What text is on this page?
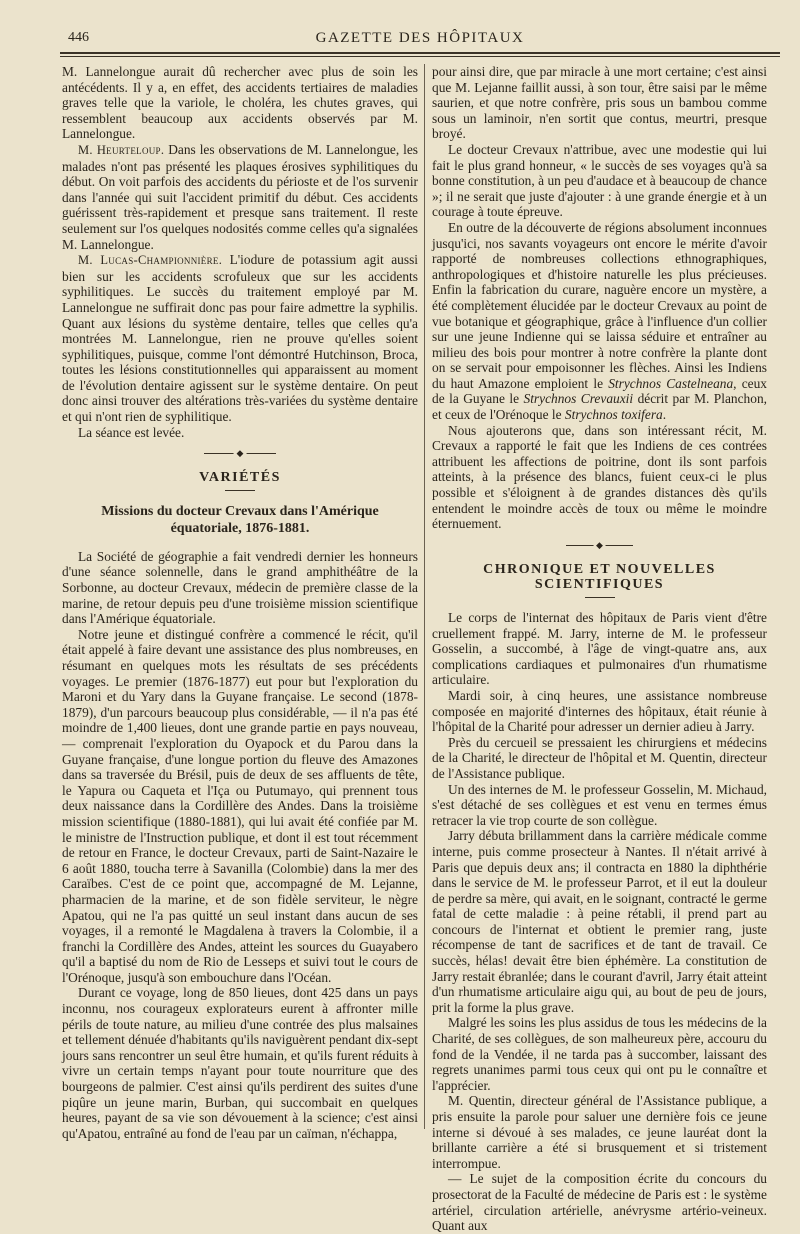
446	GAZETTE DES HÔPITAUX

M. Lannelongue aurait dû rechercher avec plus de soin les antécédents. Il y a, en effet, des accidents tertiaires de maladies graves telle que la variole, le choléra, les chutes graves, qui ressemblent beaucoup aux accidents observés par M. Lannelongue.

M. Heurteloup. Dans les observations de M. Lannelongue, les malades n'ont pas présenté les plaques érosives syphilitiques du début. On voit parfois des accidents du périoste et de l'os survenir dans l'année qui suit l'accident primitif du début. Ces accidents guérissent très-rapidement et presque sans traitement. Il reste seulement sur l'os quelques nodosités comme celles qu'a signalées M. Lannelongue.

M. Lucas-Championnière. L'iodure de potassium agit aussi bien sur les accidents scrofuleux que sur les accidents syphilitiques. Le succès du traitement employé par M. Lannelongue ne suffirait donc pas pour faire admettre la syphilis. Quant aux lésions du système dentaire, telles que celles qu'a montrées M. Lannelongue, rien ne prouve qu'elles soient syphilitiques, puisque, comme l'ont démontré Hutchinson, Broca, toutes les lésions constitutionnelles qui apparaissent au moment de l'évolution dentaire agissent sur le système dentaire. On peut donc ainsi trouver des altérations très-variées du système dentaire et qui n'ont rien de syphilitique.

La séance est levée.

◆
VARIÉTÉS
Missions du docteur Crevaux dans l'Amérique équatoriale, 1876-1881.

La Société de géographie a fait vendredi dernier les honneurs d'une séance solennelle, dans le grand amphithéâtre de la Sorbonne, au docteur Crevaux, médecin de première classe de la marine, de retour depuis peu d'une troisième mission scientifique dans l'Amérique équatoriale.

Notre jeune et distingué confrère a commencé le récit, qu'il était appelé à faire devant une assistance des plus nombreuses, en résumant en quelques mots les résultats de ses précédents voyages. Le premier (1876-1877) eut pour but l'exploration du Maroni et du Yary dans la Guyane française. Le second (1878-1879), d'un parcours beaucoup plus considérable, — il n'a pas été moindre de 1,400 lieues, dont une grande partie en pays nouveau, — comprenait l'exploration du Oyapock et du Parou dans la Guyane française, d'une longue portion du fleuve des Amazones dans sa traversée du Brésil, puis de deux de ses affluents de tête, le Yapura ou Caqueta et l'Iça ou Putumayo, qui prennent tous deux naissance dans la Cordillère des Andes. Dans la troisième mission scientifique (1880-1881), qui lui avait été confiée par M. le ministre de l'Instruction publique, et dont il est tout récemment de retour en France, le docteur Crevaux, parti de Saint-Nazaire le 6 août 1880, toucha terre à Savanilla (Colombie) dans la mer des Caraïbes. C'est de ce point que, accompagné de M. Lejanne, pharmacien de la marine, et de son fidèle serviteur, le nègre Apatou, qui ne l'a pas quitté un seul instant dans aucun de ses voyages, il a remonté le Magdalena à travers la Colombie, il a franchi la Cordillère des Andes, atteint les sources du Guayabero qu'il a baptisé du nom de Rio de Lesseps et suivi tout le cours de l'Orénoque, jusqu'à son embouchure dans l'Océan.

Durant ce voyage, long de 850 lieues, dont 425 dans un pays inconnu, nos courageux explorateurs eurent à affronter mille périls de toute nature, au milieu d'une contrée des plus malsaines et tellement dénuée d'habitants qu'ils naviguèrent pendant dix-sept jours sans rencontrer un seul être humain, et qu'ils furent réduits à vivre un certain temps n'ayant pour toute nourriture que des bourgeons de palmier. C'est ainsi qu'ils perdirent des suites d'une piqûre un jeune marin, Burban, qui succombait en quelques heures, payant de sa vie son dévouement à la science; c'est ainsi qu'Apatou, entraîné au fond de l'eau par un caïman, n'échappa,

pour ainsi dire, que par miracle à une mort certaine; c'est ainsi que M. Lejanne faillit aussi, à son tour, être saisi par le même saurien, et que notre confrère, pris sous un bambou comme sous un laminoir, n'en sortit que contus, meurtri, presque broyé.

Le docteur Crevaux n'attribue, avec une modestie qui lui fait le plus grand honneur, « le succès de ses voyages qu'à sa bonne constitution, à un peu d'audace et à beaucoup de chance »; il ne serait que juste d'ajouter : à une grande énergie et à un courage à toute épreuve.

En outre de la découverte de régions absolument inconnues jusqu'ici, nos savants voyageurs ont encore le mérite d'avoir rapporté de nombreuses collections ethnographiques, anthropologiques et d'histoire naturelle les plus précieuses. Enfin la fabrication du curare, naguère encore un mystère, a été complètement élucidée par le docteur Crevaux au point de vue botanique et géographique, grâce à l'influence d'un collier sur une jeune Indienne qui se laissa séduire et entraîner au milieu des bois pour montrer à notre confrère la plante dont on se servait pour empoisonner les flèches. Ainsi les Indiens du haut Amazone emploient le Strychnos Castelneana, ceux de la Guyane le Strychnos Crevauxii décrit par M. Planchon, et ceux de l'Orénoque le Strychnos toxifera.

Nous ajouterons que, dans son intéressant récit, M. Crevaux a rapporté le fait que les Indiens de ces contrées attribuent les affections de poitrine, dont ils sont parfois atteints, à la présence des blancs, fuient ceux-ci le plus possible et s'éloignent à de grandes distances dès qu'ils entendent le moindre accès de toux ou même le moindre éternuement.

◆
CHRONIQUE ET NOUVELLES SCIENTIFIQUES

Le corps de l'internat des hôpitaux de Paris vient d'être cruellement frappé. M. Jarry, interne de M. le professeur Gosselin, a succombé, à l'âge de vingt-quatre ans, aux complications cardiaques et pulmonaires d'un rhumatisme articulaire.

Mardi soir, à cinq heures, une assistance nombreuse composée en majorité d'internes des hôpitaux, était réunie à l'hôpital de la Charité pour adresser un dernier adieu à Jarry.

Près du cercueil se pressaient les chirurgiens et médecins de la Charité, le directeur de l'hôpital et M. Quentin, directeur de l'Assistance publique.

Un des internes de M. le professeur Gosselin, M. Michaud, s'est détaché de ses collègues et est venu en termes émus retracer la vie trop courte de son collègue.

Jarry débuta brillamment dans la carrière médicale comme interne, puis comme prosecteur à Nantes. Il n'était arrivé à Paris que depuis deux ans; il contracta en 1880 la diphthérie dans le service de M. le professeur Parrot, et il eut la douleur de perdre sa mère, qui avait, en le soignant, contracté le germe fatal de cette maladie : à peine rétabli, il prend part au concours de l'internat et obtient le premier rang, juste récompense de tant de sacrifices et de tant de travail. Ce succès, hélas! devait être bien éphémère. La constitution de Jarry restait ébranlée; dans le courant d'avril, Jarry était atteint d'un rhumatisme articulaire aigu qui, au bout de peu de jours, prit la forme la plus grave.

Malgré les soins les plus assidus de tous les médecins de la Charité, de ses collègues, de son malheureux père, accouru du fond de la Vendée, il ne tarda pas à succomber, laissant des regrets unanimes parmi tous ceux qui ont pu le connaître et l'apprécier.

M. Quentin, directeur général de l'Assistance publique, a pris ensuite la parole pour saluer une dernière fois ce jeune interne si dévoué à ses malades, ce jeune lauréat dont la brillante carrière a été si brusquement et si tristement interrompue.

— Le sujet de la composition écrite du concours du prosectorat de la Faculté de médecine de Paris est : le système artériel, circulation artérielle, anévrysme artério-veineux. Quant aux
